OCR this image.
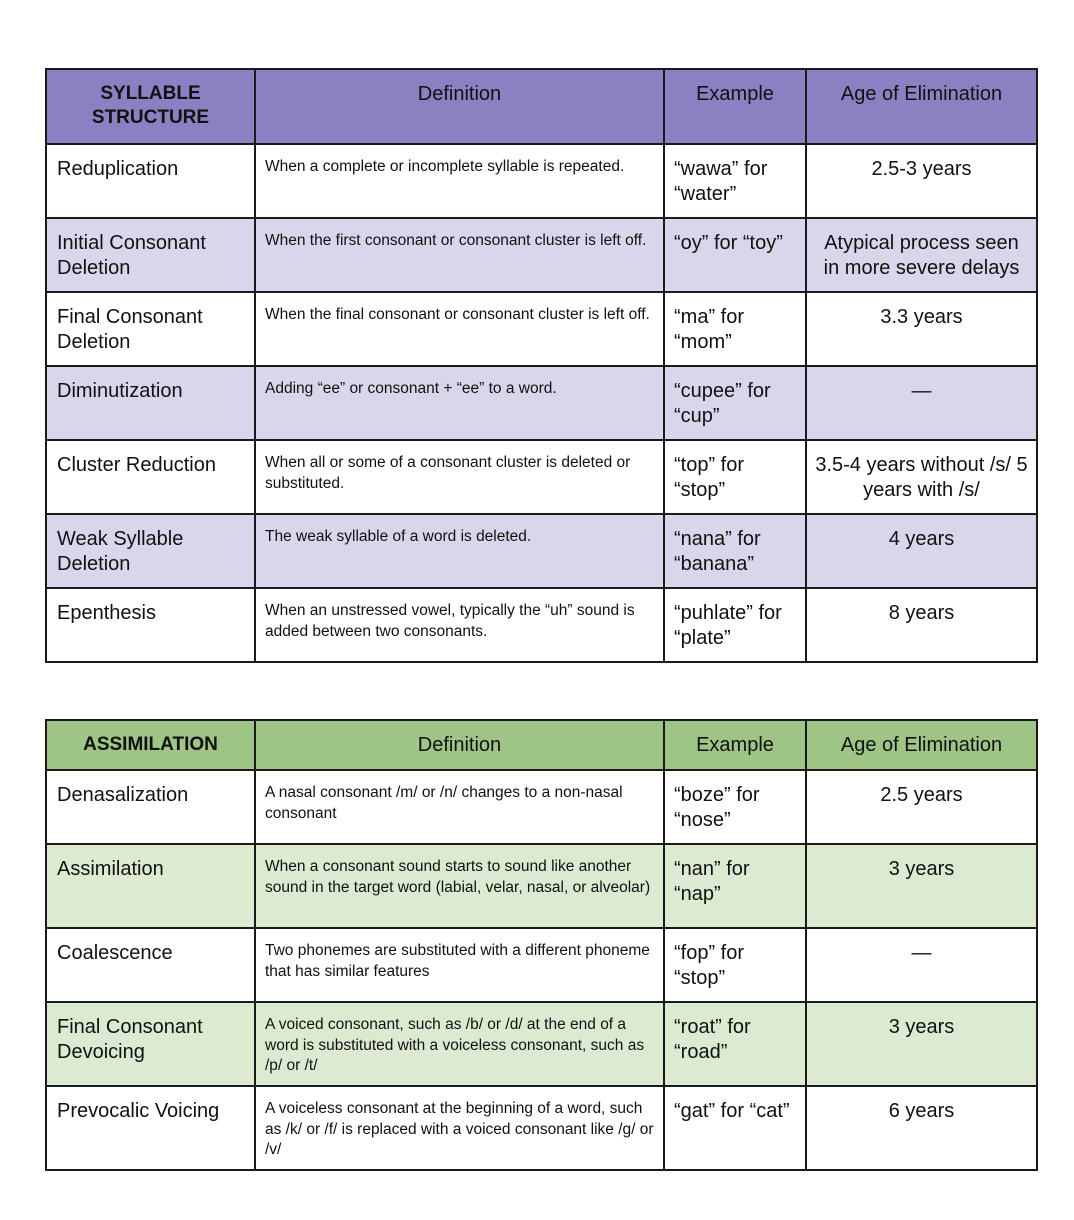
SYLLABLE STRUCTURE	Definition	Example	Age of Elimination
Reduplication	When a complete or incomplete syllable is repeated.	“wawa” for “water”	2.5-3 years
Initial Consonant Deletion	When the first consonant or consonant cluster is left off.	“oy” for “toy”	Atypical process seen in more severe delays
Final Consonant Deletion	When the final consonant or consonant cluster is left off.	“ma” for “mom”	3.3 years
Diminutization	Adding “ee” or consonant + “ee” to a word.	“cupee” for “cup”	—
Cluster Reduction	When all or some of a consonant cluster is deleted or substituted.	“top” for “stop”	3.5-4 years without /s/ 5 years with /s/
Weak Syllable Deletion	The weak syllable of a word is deleted.	“nana” for “banana”	4 years
Epenthesis	When an unstressed vowel, typically the “uh” sound is added between two consonants.	“puhlate” for “plate”	8 years
ASSIMILATION	Definition	Example	Age of Elimination
Denasalization	A nasal consonant /m/ or /n/ changes to a non-nasal consonant	“boze” for “nose”	2.5 years
Assimilation	When a consonant sound starts to sound like another sound in the target word (labial, velar, nasal, or alveolar)	“nan” for “nap”	3 years
Coalescence	Two phonemes are substituted with a different phoneme that has similar features	“fop” for “stop”	—
Final Consonant Devoicing	A voiced consonant, such as /b/ or /d/ at the end of a word is substituted with a voiceless consonant, such as /p/ or /t/	“roat” for “road”	3 years
Prevocalic Voicing	A voiceless consonant at the beginning of a word, such as /k/ or /f/ is replaced with a voiced consonant like /g/ or /v/	“gat” for “cat”	6 years
